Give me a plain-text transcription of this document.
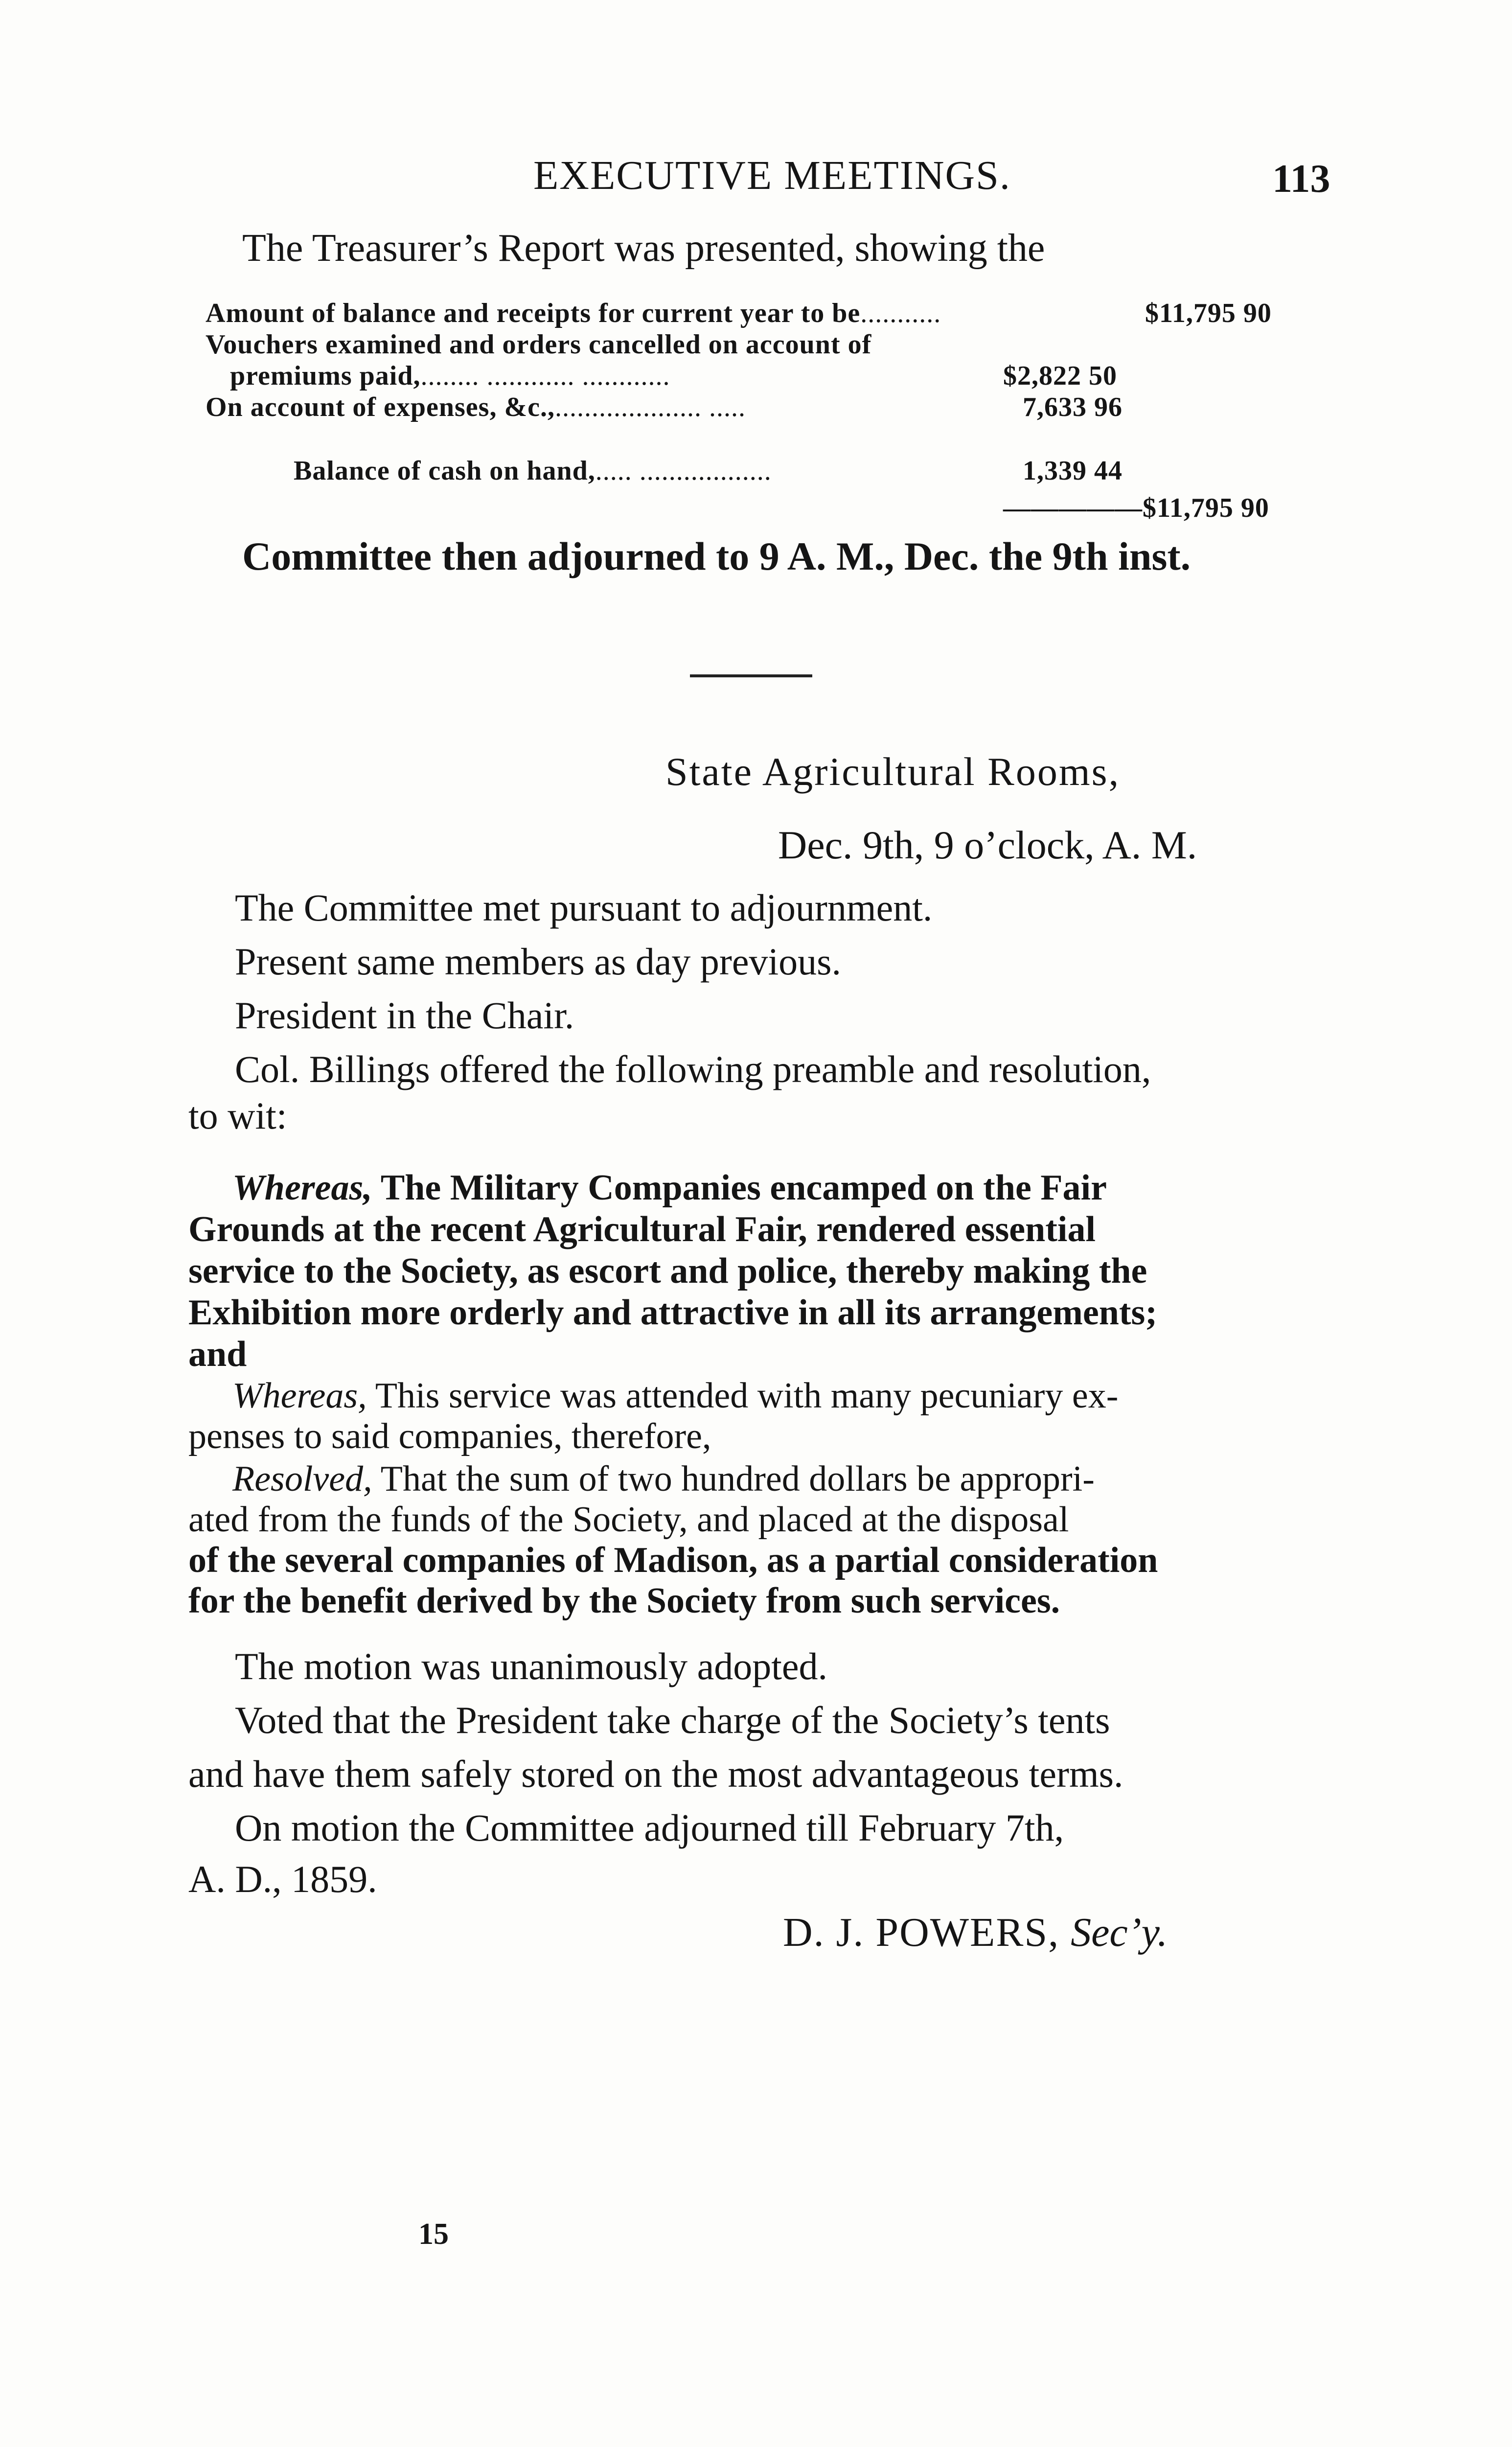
EXECUTIVE MEETINGS.	113
The Treasurer’s Report was presented, showing the
Amount of balance and receipts for current year to be...........	$11,795 90
Vouchers examined and orders cancelled on account of
premiums paid,........ ............ ............	$2,822 50
On account of expenses, &c.,.................... .....	7,633 96
Balance of cash on hand,..... ..................	1,339 44
—————$11,795 90
Committee then adjourned to 9 A. M., Dec. the 9th inst.
State Agricultural Rooms,
Dec. 9th, 9 o’clock, A. M.
The Committee met pursuant to adjournment.
Present same members as day previous.
President in the Chair.
Col. Billings offered the following preamble and resolution,
to wit:
Whereas, The Military Companies encamped on the Fair
Grounds at the recent Agricultural Fair, rendered essential
service to the Society, as escort and police, thereby making the
Exhibition more orderly and attractive in all its arrangements;
and
Whereas, This service was attended with many pecuniary ex-
penses to said companies, therefore,
Resolved, That the sum of two hundred dollars be appropri-
ated from the funds of the Society, and placed at the disposal
of the several companies of Madison, as a partial consideration
for the benefit derived by the Society from such services.
The motion was unanimously adopted.
Voted that the President take charge of the Society’s tents
and have them safely stored on the most advantageous terms.
On motion the Committee adjourned till February 7th,
A. D., 1859.
D. J. POWERS, Sec’y.
15
